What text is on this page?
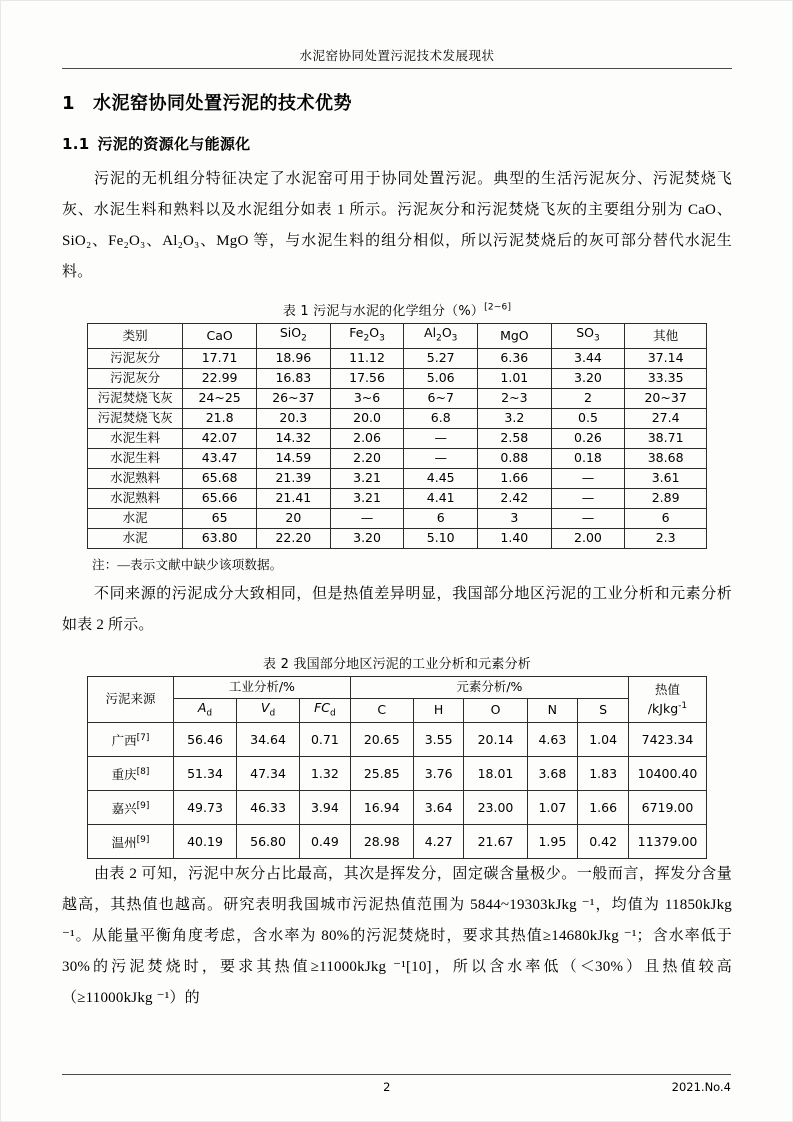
水泥窑协同处置污泥技术发展现状
1 水泥窑协同处置污泥的技术优势
1.1 污泥的资源化与能源化

污泥的无机组分特征决定了水泥窑可用于协同处置污泥。典型的生活污泥灰分、污泥焚烧飞灰、水泥生料和熟料以及水泥组分如表 1 所示。污泥灰分和污泥焚烧飞灰的主要组分别为 CaO、SiO₂、Fe₂O₃、Al₂O₃、MgO 等，与水泥生料的组分相似，所以污泥焚烧后的灰可部分替代水泥生料。

表 1 污泥与水泥的化学组分（%）[2~6]
类别	CaO	SiO$_2$	$Fe_2O_3$	$Al_2O_3$	MgO	$SO_3$	其他
污泥灰分	17.71	18.96	11.12	5.27	6.36	3.44	37.14
污泥灰分	22.99	16.83	17.56	5.06	1.01	3.20	33.35
污泥焚烧飞灰	24~25	26~37	3~6	6~7	2~3	2	20~37
污泥焚烧飞灰	21.8	20.3	20.0	6.8	3.2	0.5	27.4
水泥生料	42.07	14.32	2.06	—	2.58	0.26	38.71
水泥生料	43.47	14.59	2.20	—	0.88	0.18	38.68
水泥熟料	65.68	21.39	3.21	4.45	1.66	—	3.61
水泥熟料	65.66	21.41	3.21	4.41	2.42	—	2.89
水泥	65	20	—	6	3	—	6
水泥	63.80	22.20	3.20	5.10	1.40	2.00	2.3
注：—表示文献中缺少该项数据。

不同来源的污泥成分大致相同，但是热值差异明显，我国部分地区污泥的工业分析和元素分析如表 2 所示。

表 2 我国部分地区污泥的工业分析和元素分析
污泥来源	工业分析/%			元素分析/%					热值
/kJkg$^{-1}$
	$A_d$	$V_d$	$FC_d$	C	H	O	N	S	
广西[7]	56.46	34.64	0.71	20.65	3.55	20.14	4.63	1.04	7423.34
重庆[8]	51.34	47.34	1.32	25.85	3.76	18.01	3.68	1.83	10400.40
嘉兴[9]	49.73	46.33	3.94	16.94	3.64	23.00	1.07	1.66	6719.00
温州[9]	40.19	56.80	0.49	28.98	4.27	21.67	1.95	0.42	11379.00

由表 2 可知，污泥中灰分占比最高，其次是挥发分，固定碳含量极少。一般而言，挥发分含量越高，其热值也越高。研究表明我国城市污泥热值范围为 5844~19303kJkg ⁻¹，均值为 11850kJkg ⁻¹。从能量平衡角度考虑，含水率为 80%的污泥焚烧时，要求其热值≥14680kJkg ⁻¹；含水率低于 30%的污泥焚烧时，要求其热值≥11000kJkg ⁻¹[10]，所以含水率低（＜30%）且热值较高（≥11000kJkg ⁻¹）的

2	2021.No.4
